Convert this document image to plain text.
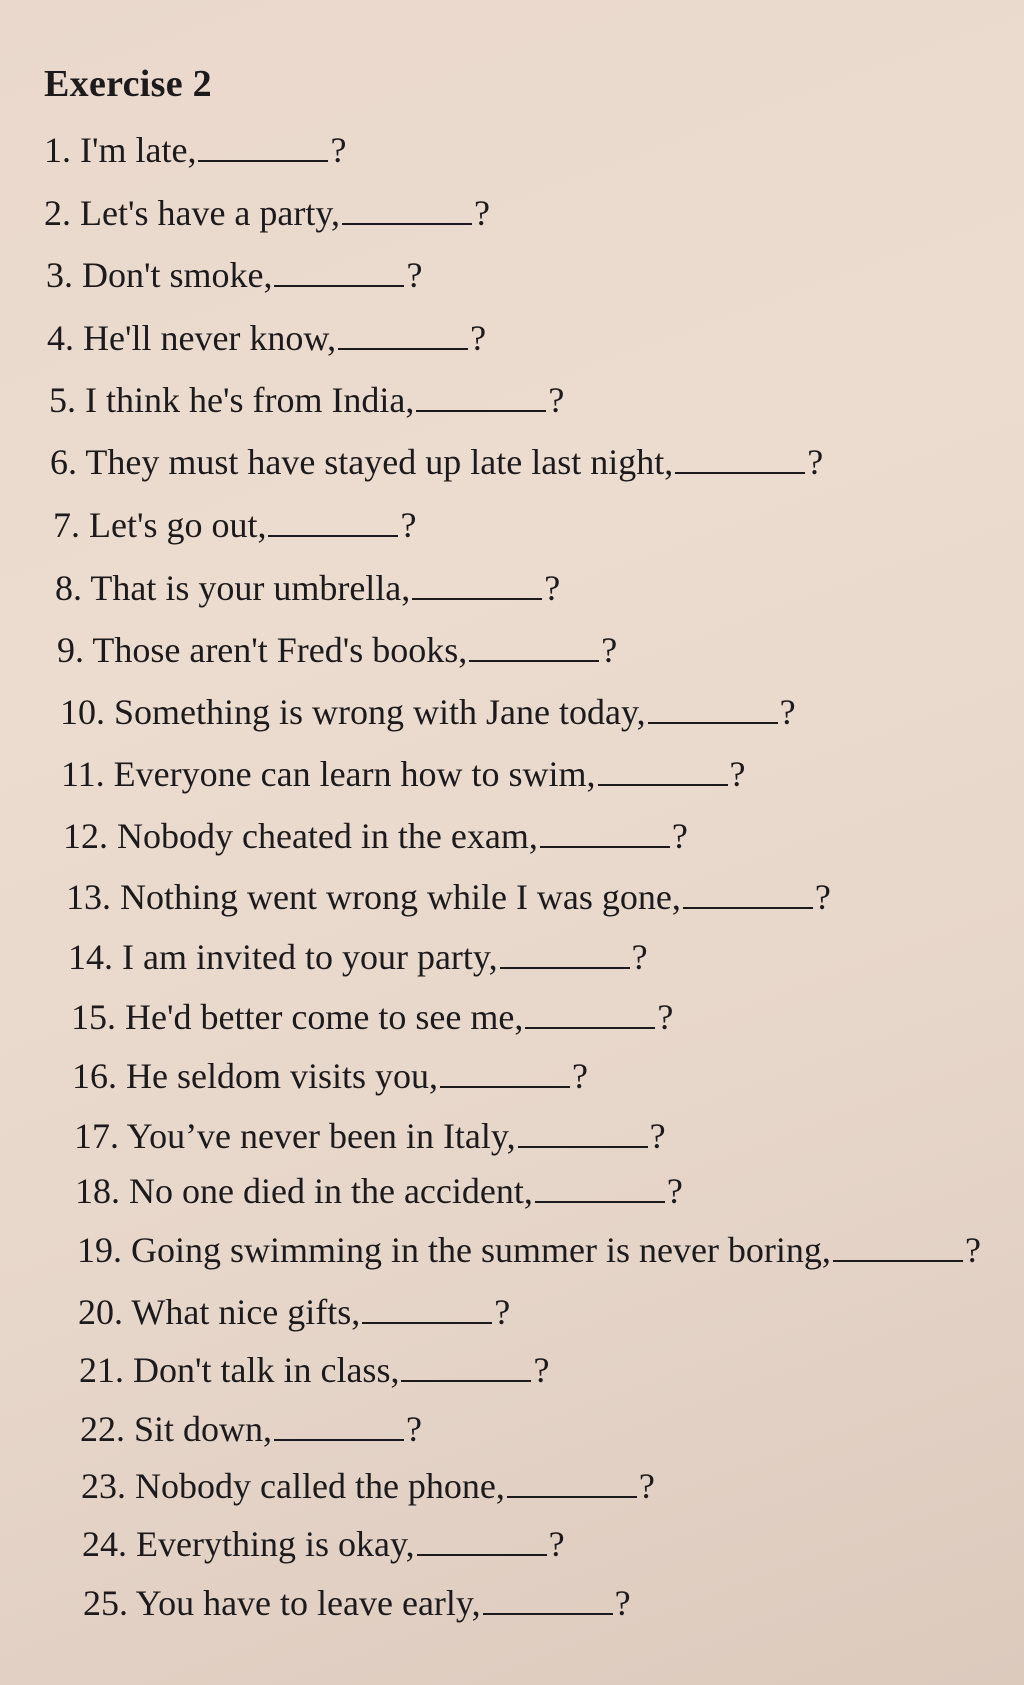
Exercise 2
1. I'm late,	?
2. Let's have a party,	?
3. Don't smoke,	?
4. He'll never know,	?
5. I think he's from India,	?
6. They must have stayed up late last night,	?
7. Let's go out,	?
8. That is your umbrella,	?
9. Those aren't Fred's books,	?
10. Something is wrong with Jane today,	?
11. Everyone can learn how to swim,	?
12. Nobody cheated in the exam,	?
13. Nothing went wrong while I was gone,	?
14. I am invited to your party,	?
15. He'd better come to see me,	?
16. He seldom visits you,	?
17. You’ve never been in Italy,	?
18. No one died in the accident,	?
19. Going swimming in the summer is never boring,	?
20. What nice gifts,	?
21. Don't talk in class,	?
22. Sit down,	?
23. Nobody called the phone,	?
24. Everything is okay,	?
25. You have to leave early,	?
